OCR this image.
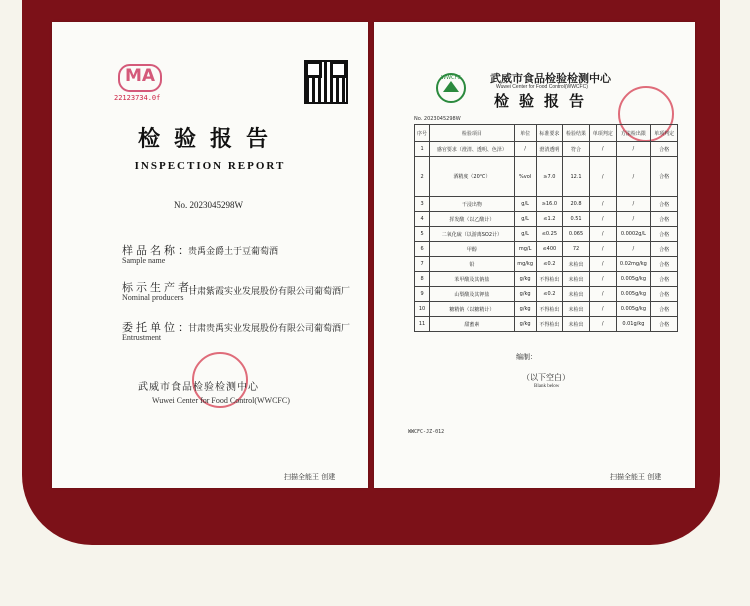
MA
22123734.0f
检验报告
INSPECTION REPORT
No. 2023045298W
样品名称：
Sample name
贵禹金爵土于豆葡萄酒
标示生产者：
Nominal producers
甘肃紫霞实业发展股份有限公司葡萄酒厂
委托单位：
Entrustment
甘肃贵禹实业发展股份有限公司葡萄酒厂
武威市食品检验检测中心
Wuwei Center for Food Control(WWCFC)
扫描全能王 创建
WWCFC	武威市食品检验检测中心
Wuwei Center for Food Control(WWCFC)
检验报告
No. 2023045298W
序号	检验项目	单位	标准要求	检验结果	单项判定	方法检出限	单项判定
1	感官要求（澄清、透明、色泽）	/	澄清透明	符合	/	/	合格
2	酒精度（20℃）	%vol	≥7.0	12.1	/	/	合格
3	干浸出物	g/L	≥16.0	20.8	/	/	合格
4	挥发酸（以乙酸计）	g/L	≤1.2	0.51	/	/	合格
5	二氧化硫（以游离SO2计）	g/L	≤0.25	0.065	/	0.0002g/L	合格
6	甲醇	mg/L	≤400	72	/	/	合格
7	铅	mg/kg	≤0.2	未检出	/	0.02mg/kg	合格
8	苯甲酸及其钠盐	g/kg	不得检出	未检出	/	0.005g/kg	合格
9	山梨酸及其钾盐	g/kg	≤0.2	未检出	/	0.005g/kg	合格
10	糖精钠（以糖精计）	g/kg	不得检出	未检出	/	0.005g/kg	合格
11	甜蜜素	g/kg	不得检出	未检出	/	0.01g/kg	合格
编制：
（以下空白）
Blank below
WWCFC-JZ-012
扫描全能王 创建
